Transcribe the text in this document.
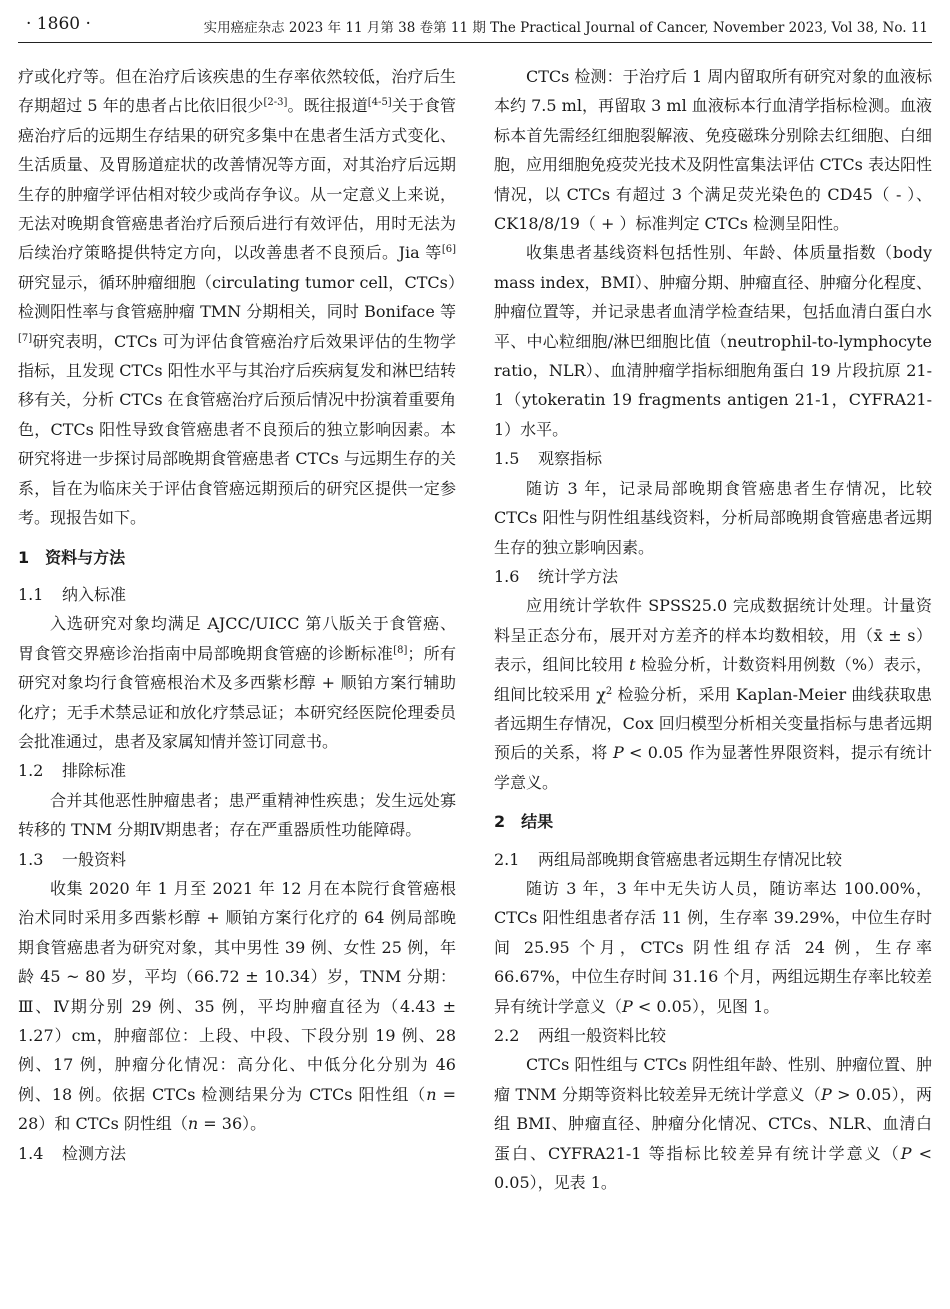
· 1860 ·	实用癌症杂志 2023 年 11 月第 38 卷第 11 期 The Practical Journal of Cancer, November 2023, Vol 38, No. 11

疗或化疗等。但在治疗后该疾患的生存率依然较低，治疗后生存期超过 5 年的患者占比依旧很少[2-3]。既往报道[4-5]关于食管癌治疗后的远期生存结果的研究多集中在患者生活方式变化、生活质量、及胃肠道症状的改善情况等方面，对其治疗后远期生存的肿瘤学评估相对较少或尚存争议。从一定意义上来说，无法对晚期食管癌患者治疗后预后进行有效评估，用时无法为后续治疗策略提供特定方向，以改善患者不良预后。Jia 等[6]研究显示，循环肿瘤细胞（circulating tumor cell，CTCs）检测阳性率与食管癌肿瘤 TMN 分期相关，同时 Boniface 等[7]研究表明，CTCs 可为评估食管癌治疗后效果评估的生物学指标，且发现 CTCs 阳性水平与其治疗后疾病复发和淋巴结转移有关，分析 CTCs 在食管癌治疗后预后情况中扮演着重要角色，CTCs 阳性导致食管癌患者不良预后的独立影响因素。本研究将进一步探讨局部晚期食管癌患者 CTCs 与远期生存的关系，旨在为临床关于评估食管癌远期预后的研究区提供一定参考。现报告如下。

1　资料与方法
1.1 纳入标准

入选研究对象均满足 AJCC/UICC 第八版关于食管癌、胃食管交界癌诊治指南中局部晚期食管癌的诊断标准[8]；所有研究对象均行食管癌根治术及多西紫杉醇 + 顺铂方案行辅助化疗；无手术禁忌证和放化疗禁忌证；本研究经医院伦理委员会批准通过，患者及家属知情并签订同意书。

1.2 排除标准

合并其他恶性肿瘤患者；患严重精神性疾患；发生远处寡转移的 TNM 分期Ⅳ期患者；存在严重器质性功能障碍。

1.3 一般资料

收集 2020 年 1 月至 2021 年 12 月在本院行食管癌根治术同时采用多西紫杉醇 + 顺铂方案行化疗的 64 例局部晚期食管癌患者为研究对象，其中男性 39 例、女性 25 例，年龄 45 ~ 80 岁，平均（66.72 ± 10.34）岁，TNM 分期：Ⅲ、Ⅳ期分别 29 例、35 例，平均肿瘤直径为（4.43 ± 1.27）cm，肿瘤部位：上段、中段、下段分别 19 例、28 例、17 例，肿瘤分化情况：高分化、中低分化分别为 46 例、18 例。依据 CTCs 检测结果分为 CTCs 阳性组（n = 28）和 CTCs 阴性组（n = 36）。

1.4 检测方法

CTCs 检测：于治疗后 1 周内留取所有研究对象的血液标本约 7.5 ml，再留取 3 ml 血液标本行血清学指标检测。血液标本首先需经红细胞裂解液、免疫磁珠分别除去红细胞、白细胞，应用细胞免疫荧光技术及阴性富集法评估 CTCs 表达阳性情况，以 CTCs 有超过 3 个满足荧光染色的 CD45（ - ）、CK18/8/19（ + ）标准判定 CTCs 检测呈阳性。

收集患者基线资料包括性别、年龄、体质量指数（body mass index，BMI）、肿瘤分期、肿瘤直径、肿瘤分化程度、肿瘤位置等，并记录患者血清学检查结果，包括血清白蛋白水平、中心粒细胞/淋巴细胞比值（neutrophil-to-lymphocyte ratio，NLR）、血清肿瘤学指标细胞角蛋白 19 片段抗原 21-1（ytokeratin 19 fragments antigen 21-1，CYFRA21-1）水平。

1.5 观察指标

随访 3 年，记录局部晚期食管癌患者生存情况，比较 CTCs 阳性与阴性组基线资料，分析局部晚期食管癌患者远期生存的独立影响因素。

1.6 统计学方法

应用统计学软件 SPSS25.0 完成数据统计处理。计量资料呈正态分布，展开对方差齐的样本均数相较，用（x̄ ± s）表示，组间比较用 t 检验分析，计数资料用例数（%）表示，组间比较采用 $\chi^2$ 检验分析，采用 Kaplan-Meier 曲线获取患者远期生存情况，Cox 回归模型分析相关变量指标与患者远期预后的关系，将 P < 0.05 作为显著性界限资料，提示有统计学意义。

2　结果
2.1 两组局部晚期食管癌患者远期生存情况比较

随访 3 年，3 年中无失访人员，随访率达 100.00%，CTCs 阳性组患者存活 11 例，生存率 39.29%，中位生存时间 25.95 个月，CTCs 阴性组存活 24 例，生存率 66.67%，中位生存时间 31.16 个月，两组远期生存率比较差异有统计学意义（P < 0.05），见图 1。

2.2 两组一般资料比较

CTCs 阳性组与 CTCs 阴性组年龄、性别、肿瘤位置、肿瘤 TNM 分期等资料比较差异无统计学意义（P > 0.05），两组 BMI、肿瘤直径、肿瘤分化情况、CTCs、NLR、血清白蛋白、CYFRA21-1 等指标比较差异有统计学意义（P < 0.05），见表 1。
